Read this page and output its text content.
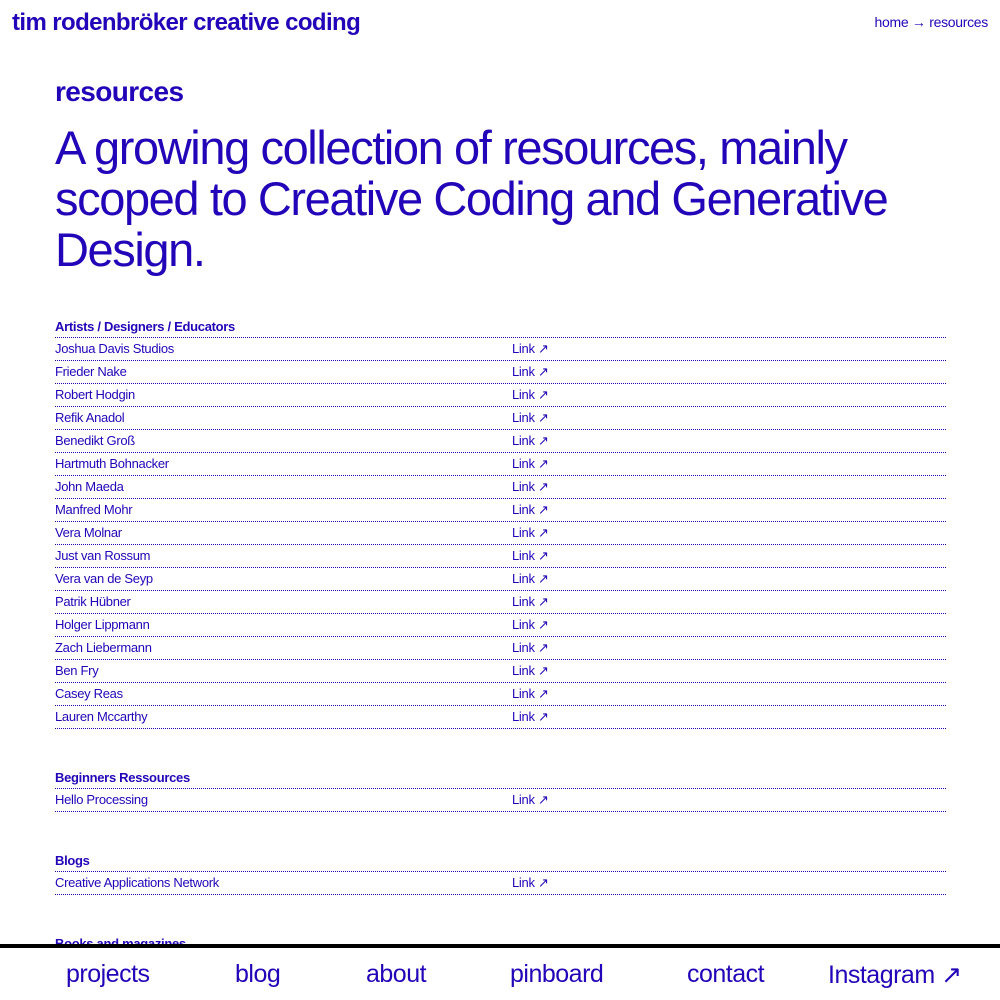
tim rodenbröker creative coding	home → resources
resources

A growing collection of resources, mainly scoped to Creative Coding and Generative Design.

Artists / Designers / Educators
Joshua Davis Studios	Link ↗
Frieder Nake	Link ↗
Robert Hodgin	Link ↗
Refik Anadol	Link ↗
Benedikt Groß	Link ↗
Hartmuth Bohnacker	Link ↗
John Maeda	Link ↗
Manfred Mohr	Link ↗
Vera Molnar	Link ↗
Just van Rossum	Link ↗
Vera van de Seyp	Link ↗
Patrik Hübner	Link ↗
Holger Lippmann	Link ↗
Zach Liebermann	Link ↗
Ben Fry	Link ↗
Casey Reas	Link ↗
Lauren Mccarthy	Link ↗
Beginners Ressources
Hello Processing	Link ↗
Blogs
Creative Applications Network	Link ↗
projects	blog	about	pinboard	contact	Instagram ↗
